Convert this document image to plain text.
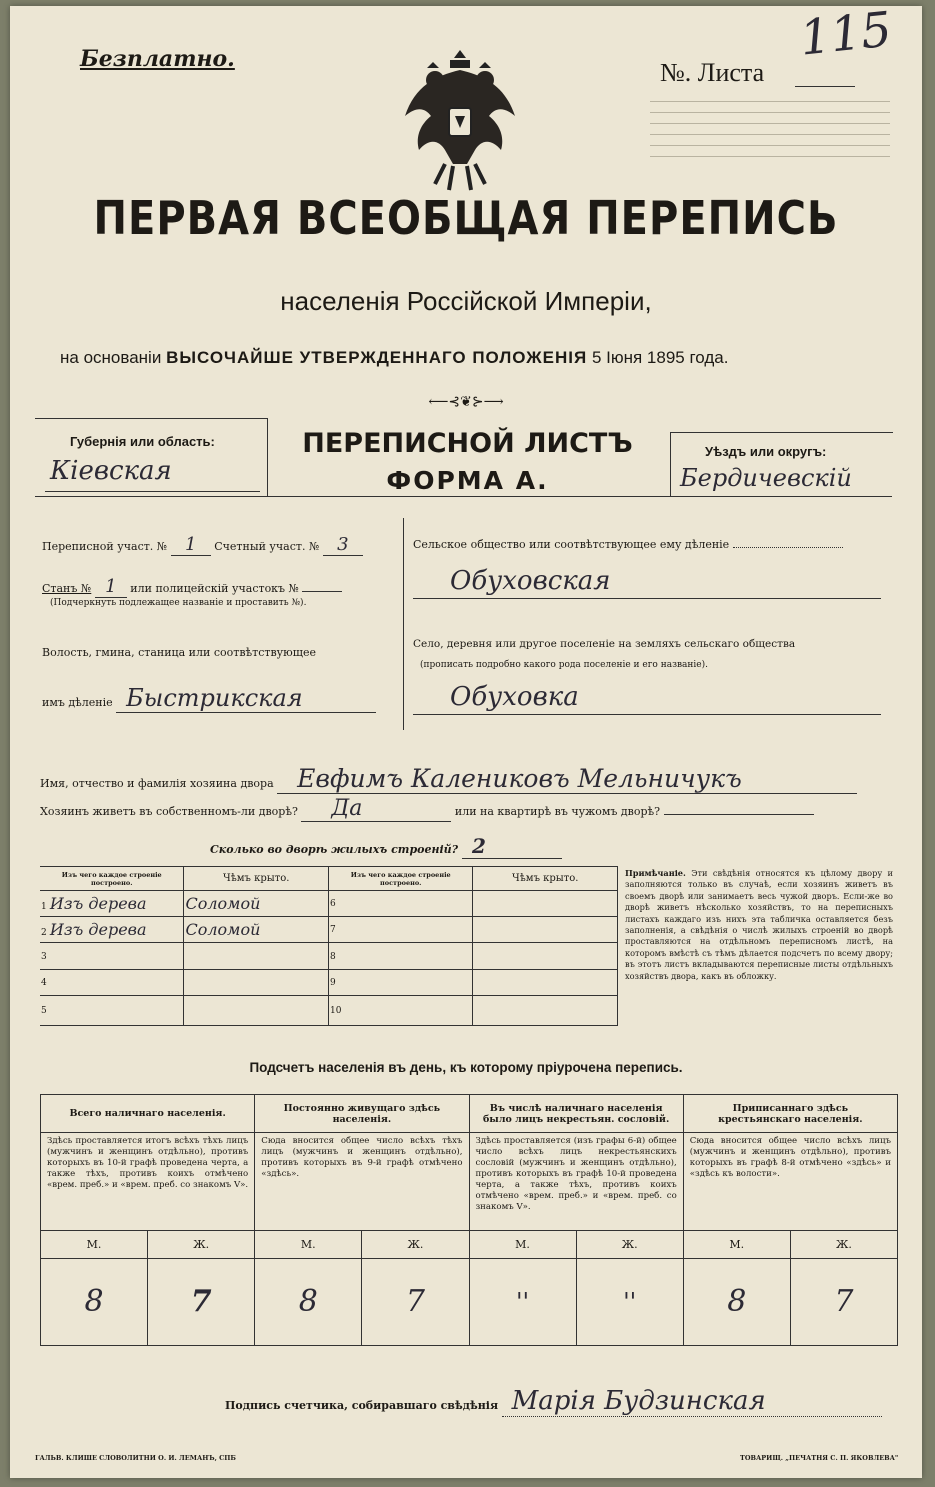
Безплатно.	№. Листа
115
ПЕРВАЯ ВСЕОБЩАЯ ПЕРЕПИСЬ
населенія Россійской Имперіи,
на основаніи ВЫСОЧАЙШЕ УТВЕРЖДЕННАГО ПОЛОЖЕНІЯ 5 Іюня 1895 года.
⟵⊰❦⊱⟶
Губернія или область:
Кіевская
ПЕРЕПИСНОЙ ЛИСТЪ
ФОРМА А.
Уѣздъ или округъ:
Бердичевскій
Переписной участ. № 1 Счетный участ. № 3
Станъ № 1 или полицейскій участокъ №
(Подчеркнуть подлежащее названіе и проставить №).
Волость, гмина, станица или соотвѣтствующее
имъ дѣленіе Быстрикская
Сельское общество или соотвѣтствующее ему дѣленіе
Обуховская
Село, деревня или другое поселеніе на земляхъ сельскаго общества
(прописать подробно какого рода поселеніе и его названіе).
Обуховка
Имя, отчество и фамилія хозяина двора Евфимъ Калениковъ Мельничукъ
Хозяинъ живетъ въ собственномъ-ли дворѣ? Да	или на квартирѣ въ чужомъ дворѣ?
Сколько во дворѣ жилыхъ строеній? 2
Изъ чего каждое строеніе построено.	Чѣмъ крыто.	Изъ чего каждое строеніе построено.	Чѣмъ крыто.
1 Изъ дерева	Соломой	6	
2 Изъ дерева	Соломой	7	
3		8	
4		9	
5		10	
Примѣчаніе. Эти свѣдѣнія относятся къ цѣлому двору и заполняются только въ случаѣ, если хозяинъ живетъ въ своемъ дворѣ или занимаетъ весь чужой дворъ. Если-же во дворѣ живетъ нѣсколько хозяйствъ, то на переписныхъ листахъ каждаго изъ нихъ эта табличка оставляется безъ заполненія, а свѣдѣнія о числѣ жилыхъ строеній во дворѣ проставляются на отдѣльномъ переписномъ листѣ, на которомъ вмѣстѣ съ тѣмъ дѣлается подсчетъ по всему двору; въ этотъ листъ вкладываются переписные листы отдѣльныхъ хозяйствъ двора, какъ въ обложку.
Подсчетъ населенія въ день, къ которому пріурочена перепись.
Всего наличнаго населенія.		Постоянно живущаго здѣсь населенія.		Въ числѣ наличнаго населенія было лицъ некрестьян. сословій.		Приписаннаго здѣсь крестьянскаго населенія.	
Здѣсь проставляется итогъ всѣхъ тѣхъ лицъ (мужчинъ и женщинъ отдѣльно), противъ которыхъ въ 10-й графѣ проведена черта, а также тѣхъ, противъ коихъ отмѣчено «врем. преб.» и «врем. преб. со знакомъ V».		Сюда вносится общее число всѣхъ тѣхъ лицъ (мужчинъ и женщинъ отдѣльно), противъ которыхъ въ 9-й графѣ отмѣчено «здѣсь».		Здѣсь проставляется (изъ графы 6-й) общее число всѣхъ лицъ некрестьянскихъ сословій (мужчинъ и женщинъ отдѣльно), противъ которыхъ въ графѣ 10-й проведена черта, а также тѣхъ, противъ коихъ отмѣчено «врем. преб.» и «врем. преб. со знакомъ V».		Сюда вносится общее число всѣхъ лицъ (мужчинъ и женщинъ отдѣльно), противъ которыхъ въ графѣ 8-й отмѣчено «здѣсь» и «здѣсь къ волости».	
М.	Ж.	М.	Ж.	М.	Ж.	М.	Ж.
8	7	8	7	''	''	8	7
Подпись счетчика, собиравшаго свѣдѣнія Марія Будзинская
ГАЛЬВ. КЛИШЕ СЛОВОЛИТНИ О. И. ЛЕМАНЪ, СПБ	ТОВАРИЩ. „ПЕЧАТНЯ С. П. ЯКОВЛЕВА"
